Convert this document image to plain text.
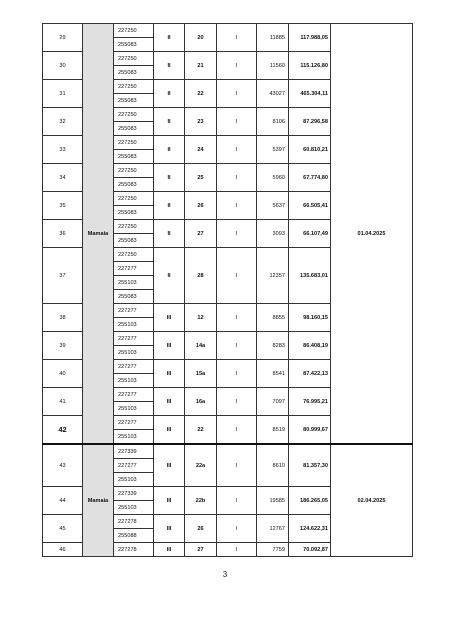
29	Mamaia	227250	II	20	I	11885	117.988,05	01.04.2025
		255083						
30		227250	II	21	I	11560	115.126,80	
		255083						
31		227250	II	22	I	43027	465.304,11	
		255083						
32		227250	II	23	I	8106	87.296,58	
		255083						
33		227250	II	24	I	5397	60.810,21	
		255083						
34		227250	II	25	I	5960	67.774,80	
		255083						
35		227250	II	26	I	5637	66.505,41	
		255083						
36		227250	II	27	I	3093	66.107,49	
		255083						
37		227250	II	28	I	12357	135.683,01	
		227277						
		255103						
		255083						
38		227277	III	12	I	8855	98.160,15	
		255103						
39		227277	III	14a	I	8283	86.408,19	
		255103						
40		227277	III	15a	I	8541	87.422,13	
		255103						
41		227277	III	16a	I	7097	76.995,21	
		255103						
42		227277	III	22	I	8519	80.999,67	
		255103						
43	Mamaia	227339	III	22a	I	8610	81.357,30	02.04.2025
		227277						
		255103						
44		227339	III	22b	I	19585	186.265,05	
		255103						
45		227278	III	26	I	12767	124.622,31	
		255088						
46		227278	III	27	I	7759	70.092,87	
3
